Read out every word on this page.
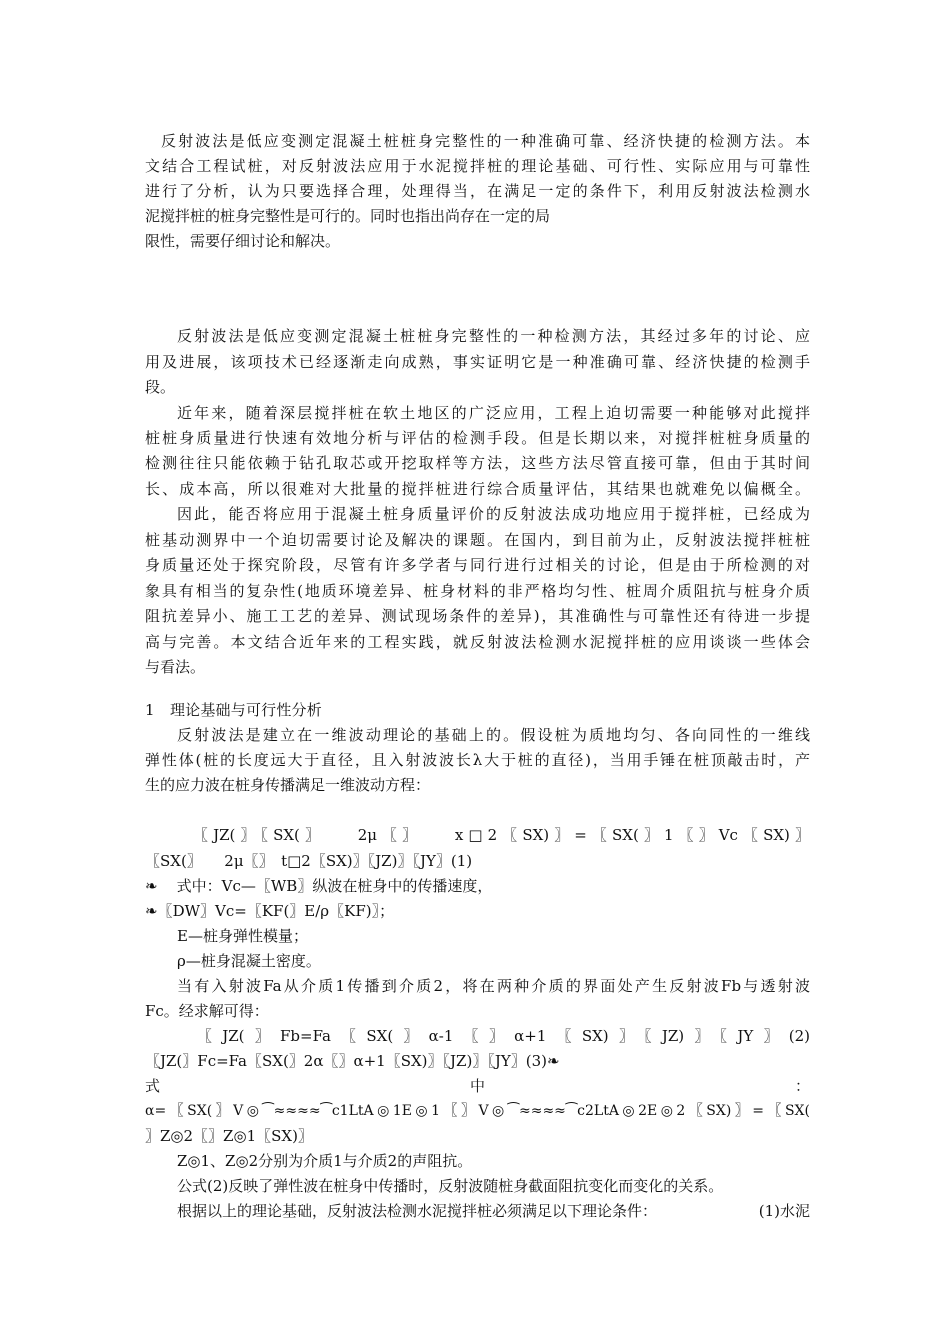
反射波法是低应变测定混凝土桩桩身完整性的一种准确可靠、经济快捷的检测方法。本
文结合工程试桩，对反射波法应用于水泥搅拌桩的理论基础、可行性、实际应用与可靠性
进行了分析，认为只要选择合理，处理得当，在满足一定的条件下，利用反射波法检测水
泥搅拌桩的桩身完整性是可行的。同时也指出尚存在一定的局
限性，需要仔细讨论和解决。
反射波法是低应变测定混凝土桩桩身完整性的一种检测方法，其经过多年的讨论、应
用及进展，该项技术已经逐渐走向成熟，事实证明它是一种准确可靠、经济快捷的检测手
段。
近年来，随着深层搅拌桩在软土地区的广泛应用，工程上迫切需要一种能够对此搅拌
桩桩身质量进行快速有效地分析与评估的检测手段。但是长期以来，对搅拌桩桩身质量的
检测往往只能依赖于钻孔取芯或开挖取样等方法，这些方法尽管直接可靠，但由于其时间
长、成本高，所以很难对大批量的搅拌桩进行综合质量评估，其结果也就难免以偏概全。
因此，能否将应用于混凝土桩身质量评价的反射波法成功地应用于搅拌桩，已经成为
桩基动测界中一个迫切需要讨论及解决的课题。在国内，到目前为止，反射波法搅拌桩桩
身质量还处于探究阶段，尽管有许多学者与同行进行过相关的讨论，但是由于所检测的对
象具有相当的复杂性(地质环境差异、桩身材料的非严格均匀性、桩周介质阻抗与桩身介质
阻抗差异小、施工工艺的差异、测试现场条件的差异)，其准确性与可靠性还有待进一步提
高与完善。本文结合近年来的工程实践，就反射波法检测水泥搅拌桩的应用谈谈一些体会
与看法。
1　理论基础与可行性分析
反射波法是建立在一维波动理论的基础上的。假设桩为质地均匀、各向同性的一维线
弹性体(桩的长度远大于直径，且入射波波长λ大于桩的直径)，当用手锤在桩顶敲击时，产
生的应力波在桩身传播满足一维波动方程：
〖JZ(〗〖SX(〗　　2μ〖〗　　x□2〖SX)〗=〖SX(〗1〖〗Vc〖SX)〗
〖SX(〗　　2μ〖〗　t□2〖SX)〗〖JZ)〗〖JY〗(1)
❧    式中：Vc—〖WB〗纵波在桩身中的传播速度，
❧〖DW〗Vc=〖KF(〗E/ρ〖KF)〗；
E—桩身弹性模量；
ρ—桩身混凝土密度。
当有入射波Fa从介质1传播到介质2，将在两种介质的界面处产生反射波Fb与透射波
Fc。经求解可得：
〖JZ(〗Fb=Fa〖SX(〗α-1〖〗α+1〖SX)〗〖JZ)〗〖JY〗(2)
〖JZ(〗Fc=Fa〖SX(〗2α〖〗α+1〖SX)〗〖JZ)〗〖JY〗(3)❧
式	中	：
α=〖SX(〗V◎⁀≈≈≈≈⁀c1LtA◎1E◎1〖〗V◎⁀≈≈≈≈⁀c2LtA◎2E◎2〖SX)〗=〖SX(
〗Z◎2〖〗Z◎1〖SX)〗
Z◎1、Z◎2分别为介质1与介质2的声阻抗。
公式(2)反映了弹性波在桩身中传播时，反射波随桩身截面阻抗变化而变化的关系。
根据以上的理论基础，反射波法检测水泥搅拌桩必须满足以下理论条件：	(1)水泥
